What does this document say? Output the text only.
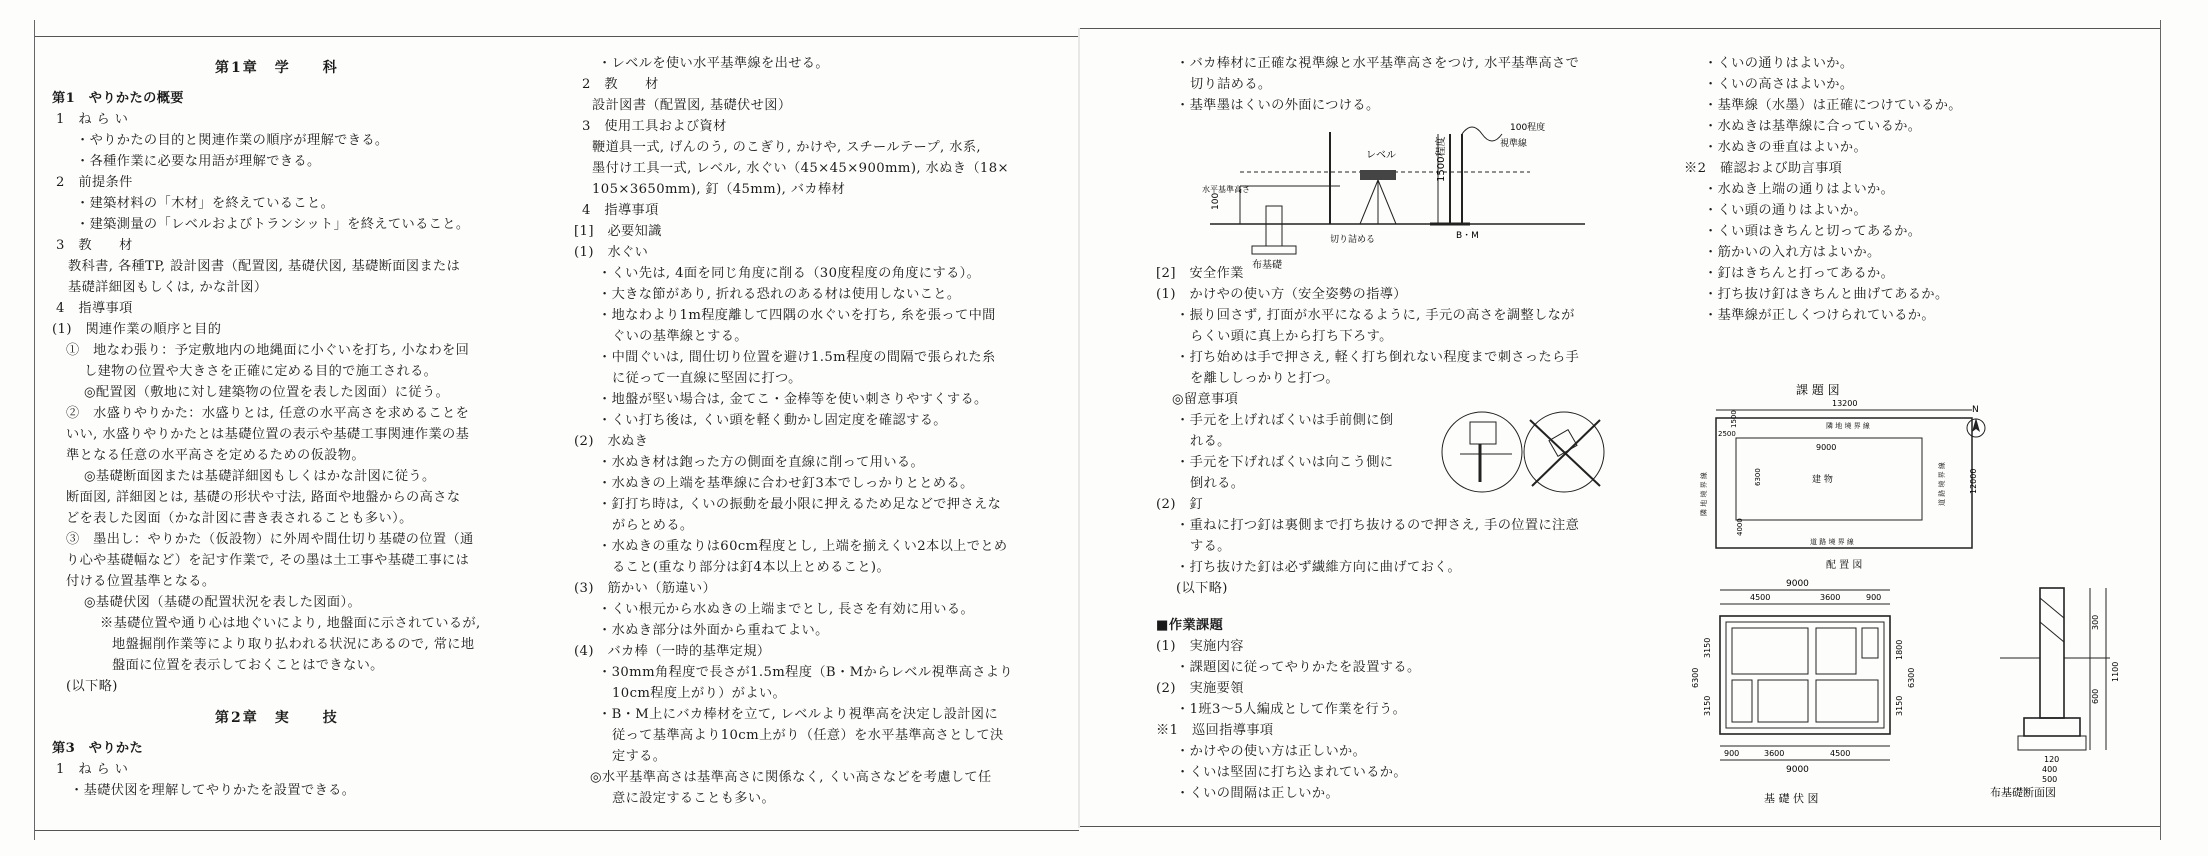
第1章　学　　科
第1　やりかたの概要
1　ね ら い
・やりかたの目的と関連作業の順序が理解できる。
・各種作業に必要な用語が理解できる。
2　前提条件
・建築材料の「木材」を終えていること。
・建築測量の「レベルおよびトランシット」を終えていること。
3　教　　材
教科書, 各種TP, 設計図書（配置図, 基礎伏図, 基礎断面図または
基礎詳細図もしくは, かな計図）
4　指導事項
(1)　関連作業の順序と目的
①　地なわ張り：予定敷地内の地縄面に小ぐいを打ち, 小なわを回
し建物の位置や大きさを正確に定める目的で施工される。
◎配置図（敷地に対し建築物の位置を表した図面）に従う。
②　水盛りやりかた：水盛りとは, 任意の水平高さを求めることを
いい, 水盛りやりかたとは基礎位置の表示や基礎工事関連作業の基
準となる任意の水平高さを定めるための仮設物。
◎基礎断面図または基礎詳細図もしくはかな計図に従う。
断面図, 詳細図とは, 基礎の形状や寸法, 路面や地盤からの高さな
どを表した図面（かな計図に書き表されることも多い）。
③　墨出し：やりかた（仮設物）に外周や間仕切り基礎の位置（通
り心や基礎幅など）を記す作業で, その墨は土工事や基礎工事には
付ける位置基準となる。
◎基礎伏図（基礎の配置状況を表した図面）。
※基礎位置や通り心は地ぐいにより, 地盤面に示されているが,
地盤掘削作業等により取り払われる状況にあるので, 常に地
盤面に位置を表示しておくことはできない。
(以下略)
第2章　実　　技
第3　やりかた
1　ね ら い
・基礎伏図を理解してやりかたを設置できる。
・レベルを使い水平基準線を出せる。
2　教　　材
設計図書（配置図, 基礎伏せ図）
3　使用工具および資材
鞭道具一式, げんのう, のこぎり, かけや, スチールテープ, 水系,
墨付け工具一式, レベル, 水ぐい（45×45×900mm), 水ぬき（18×
105×3650mm), 釘（45mm), バカ棒材
4　指導事項
[1]　必要知識
(1)　水ぐい
・くい先は, 4面を同じ角度に削る（30度程度の角度にする）。
・大きな節があり, 折れる恐れのある材は使用しないこと。
・地なわより1m程度離して四隅の水ぐいを打ち, 糸を張って中間
ぐいの基準線とする。
・中間ぐいは, 間仕切り位置を避け1.5m程度の間隔で張られた糸
に従って一直線に堅固に打つ。
・地盤が堅い場合は, 金てこ・金棒等を使い刺さりやすくする。
・くい打ち後は, くい頭を軽く動かし固定度を確認する。
(2)　水ぬき
・水ぬき材は鉋った方の側面を直線に削って用いる。
・水ぬきの上端を基準線に合わせ釘3本でしっかりととめる。
・釘打ち時は, くいの振動を最小限に押えるため足などで押さえな
がらとめる。
・水ぬきの重なりは60cm程度とし, 上端を揃えくい2本以上でとめ
ること(重なり部分は釘4本以上とめること)。
(3)　筋かい（筋違い）
・くい根元から水ぬきの上端までとし, 長さを有効に用いる。
・水ぬき部分は外面から重ねてよい。
(4)　バカ棒（一時的基準定規）
・30mm角程度で長さが1.5m程度（B・Mからレベル視準高さより
10cm程度上がり）がよい。
・B・M上にバカ棒材を立て, レベルより視準高を決定し設計図に
従って基準高より10cm上がり（任意）を水平基準高さとして決
定する。
◎水平基準高さは基準高さに関係なく, くい高さなどを考慮して任
意に設定することも多い。
・バカ棒材に正確な視準線と水平基準高さをつけ, 水平基準高さで
切り詰める。
・基準墨はくいの外面につける。
[2]　安全作業
(1)　かけやの使い方（安全姿勢の指導）
・振り回さず, 打面が水平になるように, 手元の高さを調整しなが
らくい頭に真上から打ち下ろす。
・打ち始めは手で押さえ, 軽く打ち倒れない程度まで刺さったら手
を離ししっかりと打つ。
◎留意事項
・手元を上げればくいは手前側に倒
れる。
・手元を下げればくいは向こう側に
倒れる。
(2)　釘
・重ねに打つ釘は裏側まで打ち抜けるので押さえ, 手の位置に注意
する。
・打ち抜けた釘は必ず繊維方向に曲げておく。
(以下略)
■作業課題
(1)　実施内容
・課題図に従ってやりかたを設置する。
(2)　実施要領
・1班3～5人編成として作業を行う。
※1　巡回指導事項
・かけやの使い方は正しいか。
・くいは堅固に打ち込まれているか。
・くいの間隔は正しいか。
・くいの通りはよいか。
・くいの高さはよいか。
・基準線（水墨）は正確につけているか。
・水ぬきは基準線に合っているか。
・水ぬきの垂直はよいか。
※2　確認および助言事項
・水ぬき上端の通りはよいか。
・くい頭の通りはよいか。
・くい頭はきちんと切ってあるか。
・筋かいの入れ方はよいか。
・釘はきちんと打ってあるか。
・打ち抜け釘はきちんと曲げてあるか。
・基準線が正しくつけられているか。
レベル	1500程度
100程度
視準線
水平基準高さ
100
B・M
切り詰める
布基礎
課 題 図
13200
隣 地 境 界 線
2500
1500
9000
6300	建 物
4000
12000
道 路 境 界 線
隣 地 境 界 線
N
道 路 境 界 線
配 置 図
9000
4500	3600	900
3150
3150
6300
1800
3150
6300
900	3600	4500
9000
基 礎 伏 図
300
600
1100
120
400
500
布基礎断面図
